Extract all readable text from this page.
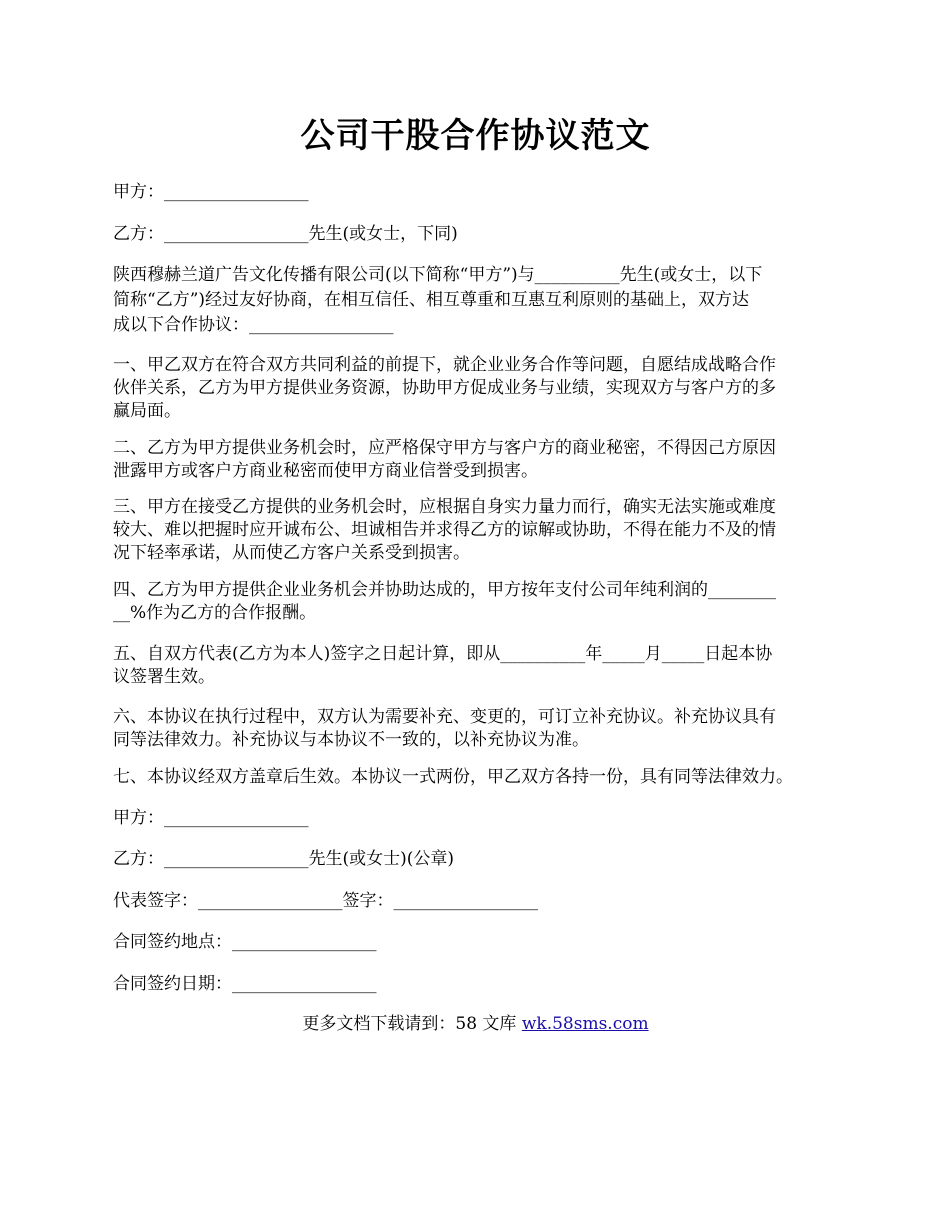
公司干股合作协议范文

甲方：_________________

乙方：_________________先生(或女士，下同)

陕西穆赫兰道广告文化传播有限公司(以下简称“甲方”)与__________先生(或女士，以下
简称“乙方”)经过友好协商，在相互信任、相互尊重和互惠互利原则的基础上，双方达
成以下合作协议：_________________

一、甲乙双方在符合双方共同利益的前提下，就企业业务合作等问题，自愿结成战略合作
伙伴关系，乙方为甲方提供业务资源，协助甲方促成业务与业绩，实现双方与客户方的多
赢局面。

二、乙方为甲方提供业务机会时，应严格保守甲方与客户方的商业秘密，不得因己方原因
泄露甲方或客户方商业秘密而使甲方商业信誉受到损害。

三、甲方在接受乙方提供的业务机会时，应根据自身实力量力而行，确实无法实施或难度
较大、难以把握时应开诚布公、坦诚相告并求得乙方的谅解或协助，不得在能力不及的情
况下轻率承诺，从而使乙方客户关系受到损害。

四、乙方为甲方提供企业业务机会并协助达成的，甲方按年支付公司年纯利润的________
__%作为乙方的合作报酬。

五、自双方代表(乙方为本人)签字之日起计算，即从__________年_____月_____日起本协
议签署生效。

六、本协议在执行过程中，双方认为需要补充、变更的，可订立补充协议。补充协议具有
同等法律效力。补充协议与本协议不一致的，以补充协议为准。

七、本协议经双方盖章后生效。本协议一式两份，甲乙双方各持一份，具有同等法律效力。

甲方：_________________

乙方：_________________先生(或女士)(公章)

代表签字：_________________签字：_________________

合同签约地点：_________________

合同签约日期：_________________

更多文档下载请到：58 文库 wk.58sms.com
